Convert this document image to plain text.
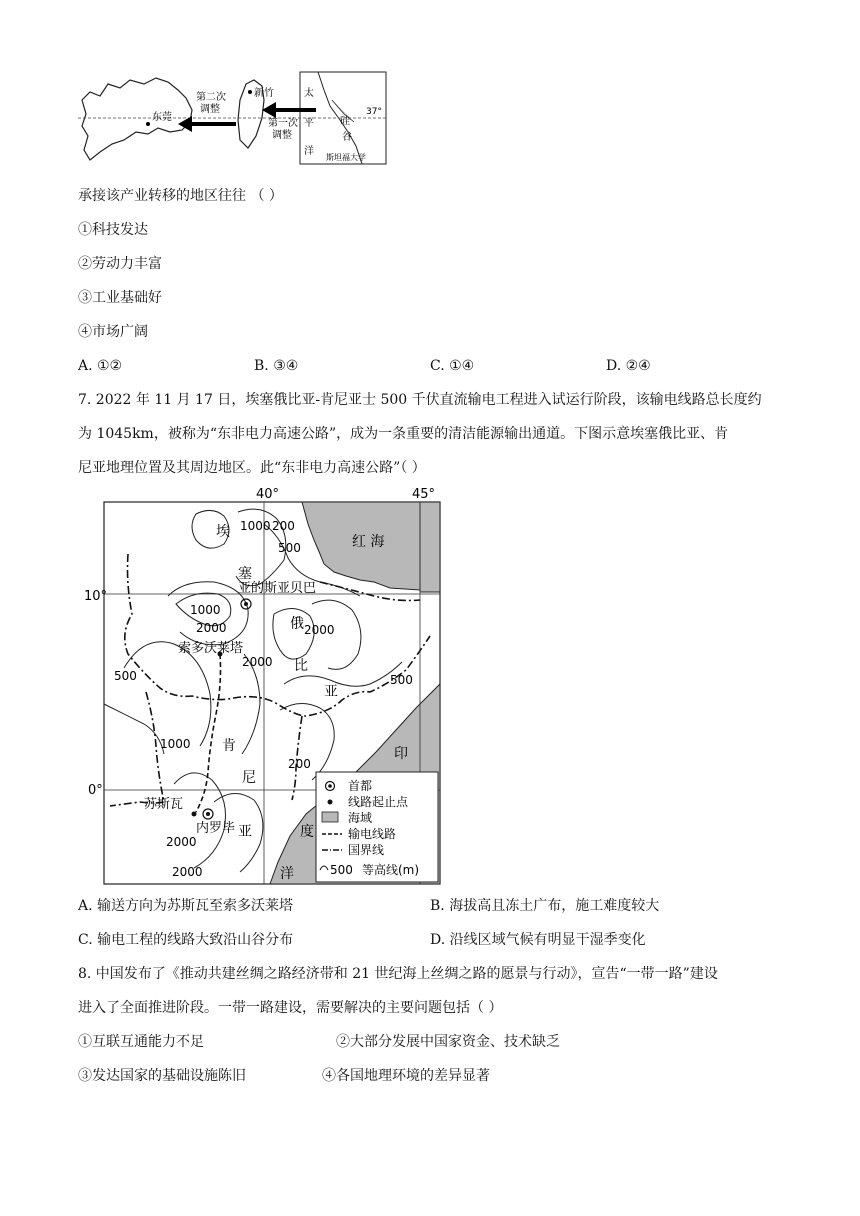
第二次
调整
第一次
调整
新竹
东莞	37°
太
平
洋
硅
谷
斯坦福大学
承接该产业转移的地区往往 （ ）
①科技发达
②劳动力丰富
③工业基础好
④市场广阔
A. ①②	B. ③④	C. ①④	D. ②④
7. 2022 年 11 月 17 日，埃塞俄比亚-肯尼亚士 500 千伏直流输电工程进入试运行阶段，该输电线路总长度约
为 1045km，被称为“东非电力高速公路”，成为一条重要的清洁能源输出通道。下图示意埃塞俄比亚、肯
尼亚地理位置及其周边地区。此“东非电力高速公路”（ ）
40°	45°
10°
0°
红 海
印
度
洋
埃
塞
俄
比
亚
肯
尼
亚
亚的斯亚贝巴
索多沃莱塔
苏斯瓦
内罗毕
1000 200
500
1000
2000	2000
2000
500	500
1000
200
2000
2000
首都
线路起止点
海域
输电线路
国界线
500 等高线(m)
A. 输送方向为苏斯瓦至索多沃莱塔	B. 海拔高且冻土广布，施工难度较大
C. 输电工程的线路大致沿山谷分布	D. 沿线区域气候有明显干湿季变化
8. 中国发布了《推动共建丝绸之路经济带和 21 世纪海上丝绸之路的愿景与行动》，宣告“一带一路”建设
进入了全面推进阶段。一带一路建设，需要解决的主要问题包括（ ）
①互联互通能力不足	②大部分发展中国家资金、技术缺乏
③发达国家的基础设施陈旧	④各国地理环境的差异显著
